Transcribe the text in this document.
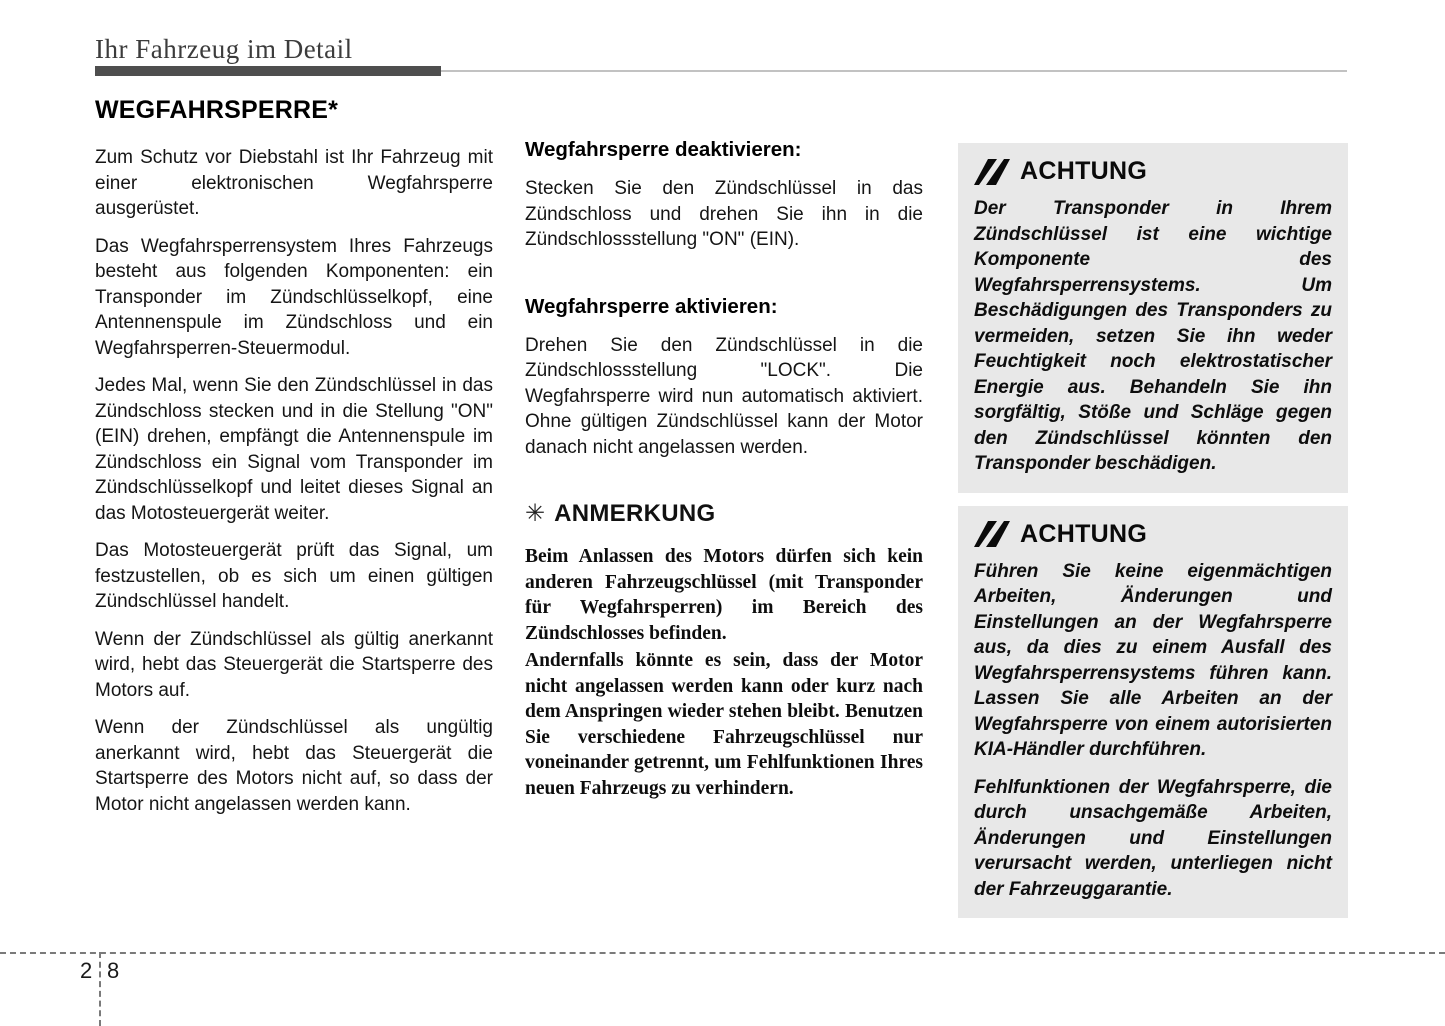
Ihr Fahrzeug im Detail
WEGFAHRSPERRE*

Zum Schutz vor Diebstahl ist Ihr Fahrzeug mit einer elektronischen Wegfahrsperre ausgerüstet.

Das Wegfahrsperrensystem Ihres Fahrzeugs besteht aus folgenden Komponenten: ein Transponder im Zündschlüsselkopf, eine Antennenspule im Zündschloss und ein Wegfahrsperren-Steuermodul.

Jedes Mal, wenn Sie den Zündschlüssel in das Zündschloss stecken und in die Stellung "ON" (EIN) drehen, empfängt die Antennenspule im Zündschloss ein Signal vom Transponder im Zündschlüsselkopf und leitet dieses Signal an das Motosteuergerät weiter.

Das Motosteuergerät prüft das Signal, um festzustellen, ob es sich um einen gültigen Zündschlüssel handelt.

Wenn der Zündschlüssel als gültig anerkannt wird, hebt das Steuergerät die Startsperre des Motors auf.

Wenn der Zündschlüssel als ungültig anerkannt wird, hebt das Steuergerät die Startsperre des Motors nicht auf, so dass der Motor nicht angelassen werden kann.

Wegfahrsperre deaktivieren:

Stecken Sie den Zündschlüssel in das Zündschloss und drehen Sie ihn in die Zündschlossstellung "ON" (EIN).

Wegfahrsperre aktivieren:

Drehen Sie den Zündschlüssel in die Zündschlossstellung "LOCK". Die Wegfahrsperre wird nun automatisch aktiviert. Ohne gültigen Zündschlüssel kann der Motor danach nicht angelassen werden.

✳ ANMERKUNG

Beim Anlassen des Motors dürfen sich kein anderen Fahrzeugschlüssel (mit Transponder für Wegfahrsperren) im Bereich des Zündschlosses befinden.

Andernfalls könnte es sein, dass der Motor nicht angelassen werden kann oder kurz nach dem Anspringen wieder stehen bleibt. Benutzen Sie verschiedene Fahrzeugschlüssel nur voneinander getrennt, um Fehlfunktionen Ihres neuen Fahrzeugs zu verhindern.

ACHTUNG

Der Transponder in Ihrem Zündschlüssel ist eine wichtige Komponente des Wegfahrsperrensystems. Um Beschädigungen des Transponders zu vermeiden, setzen Sie ihn weder Feuchtigkeit noch elektrostatischer Energie aus. Behandeln Sie ihn sorgfältig, Stöße und Schläge gegen den Zündschlüssel könnten den Transponder beschädigen.

ACHTUNG

Führen Sie keine eigenmächtigen Arbeiten, Änderungen und Einstellungen an der Wegfahrsperre aus, da dies zu einem Ausfall des Wegfahrsperrensystems führen kann. Lassen Sie alle Arbeiten an der Wegfahrsperre von einem autorisierten KIA-Händler durchführen.

Fehlfunktionen der Wegfahrsperre, die durch unsachgemäße Arbeiten, Änderungen und Einstellungen verursacht werden, unterliegen nicht der Fahrzeuggarantie.

2 8
